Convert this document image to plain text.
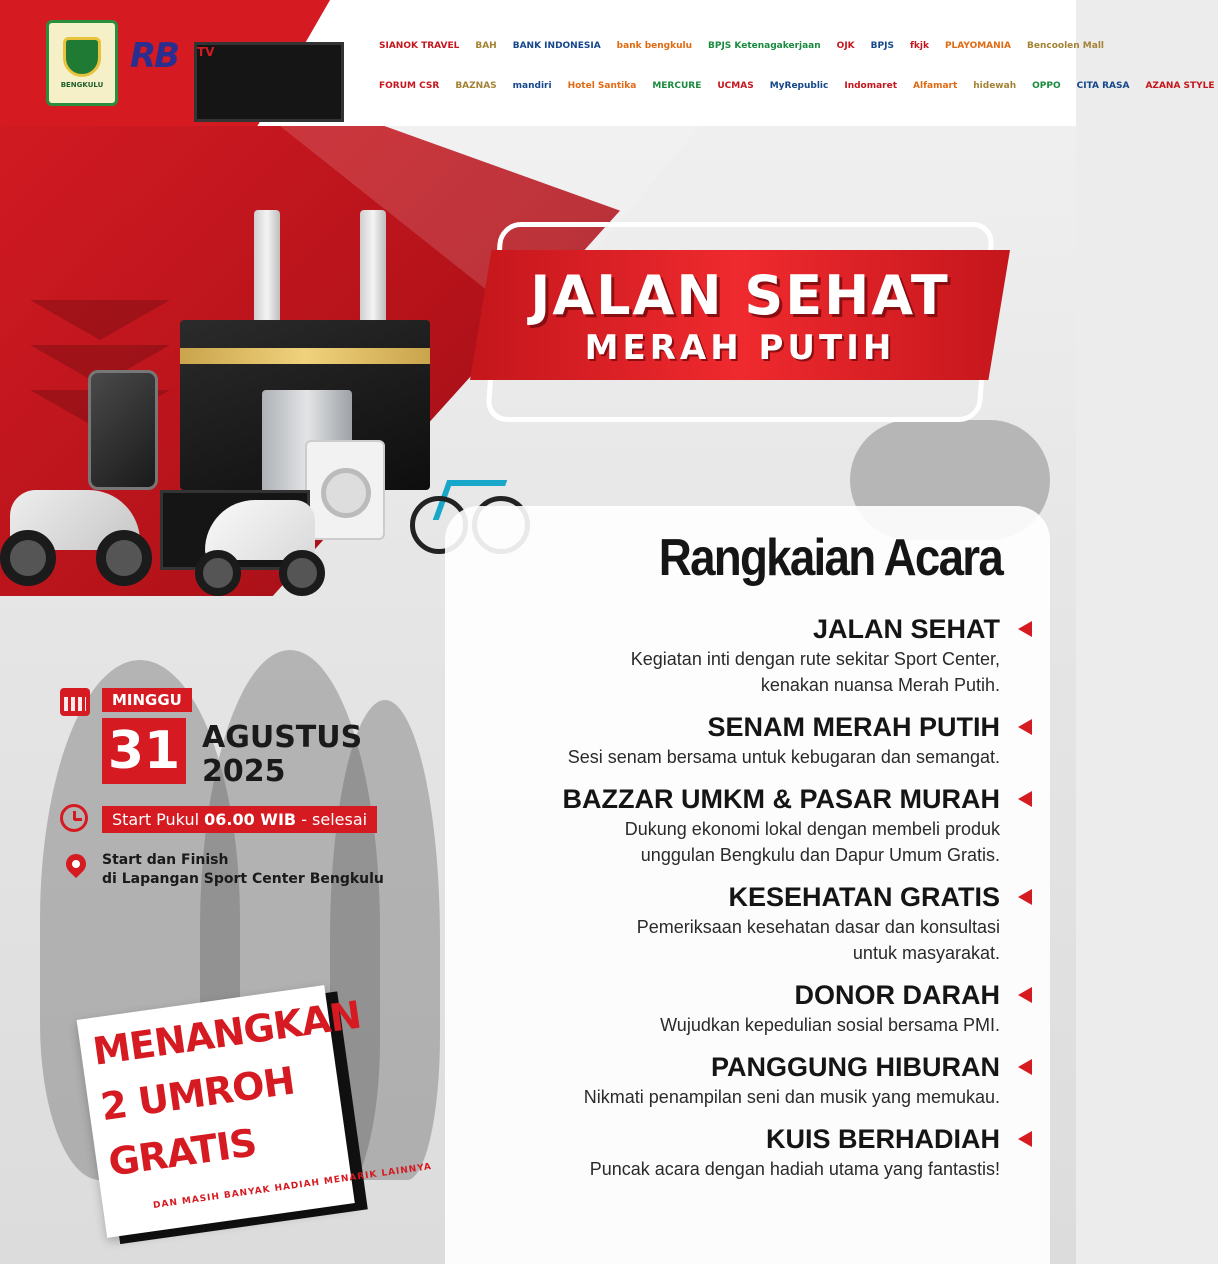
BENGKULU
RB TV	SIANOK TRAVEL	BAH	BANK INDONESIA	bank bengkulu	BPJS Ketenagakerjaan	OJK	BPJS	fkjk	PLAYOMANIA	Bencoolen Mall
FORUM CSR	BAZNAS	mandiri	Hotel Santika	MERCURE	UCMAS	MyRepublic	Indomaret	Alfamart	hidewah	OPPO	CITA RASA	AZANA STYLE
JALAN SEHAT
MERAH PUTIH
MINGGU
31 AGUSTUS
2025
Start Pukul 06.00 WIB - selesai
Start dan Finish
di Lapangan Sport Center Bengkulu
MENANGKAN
2 UMROH
GRATIS
DAN MASIH BANYAK HADIAH MENARIK LAINNYA
Rangkaian Acara
JALAN SEHAT
Kegiatan inti dengan rute sekitar Sport Center,
kenakan nuansa Merah Putih.
SENAM MERAH PUTIH
Sesi senam bersama untuk kebugaran dan semangat.
BAZZAR UMKM & PASAR MURAH
Dukung ekonomi lokal dengan membeli produk
unggulan Bengkulu dan Dapur Umum Gratis.
KESEHATAN GRATIS
Pemeriksaan kesehatan dasar dan konsultasi
untuk masyarakat.
DONOR DARAH
Wujudkan kepedulian sosial bersama PMI.
PANGGUNG HIBURAN
Nikmati penampilan seni dan musik yang memukau.
KUIS BERHADIAH
Puncak acara dengan hadiah utama yang fantastis!
